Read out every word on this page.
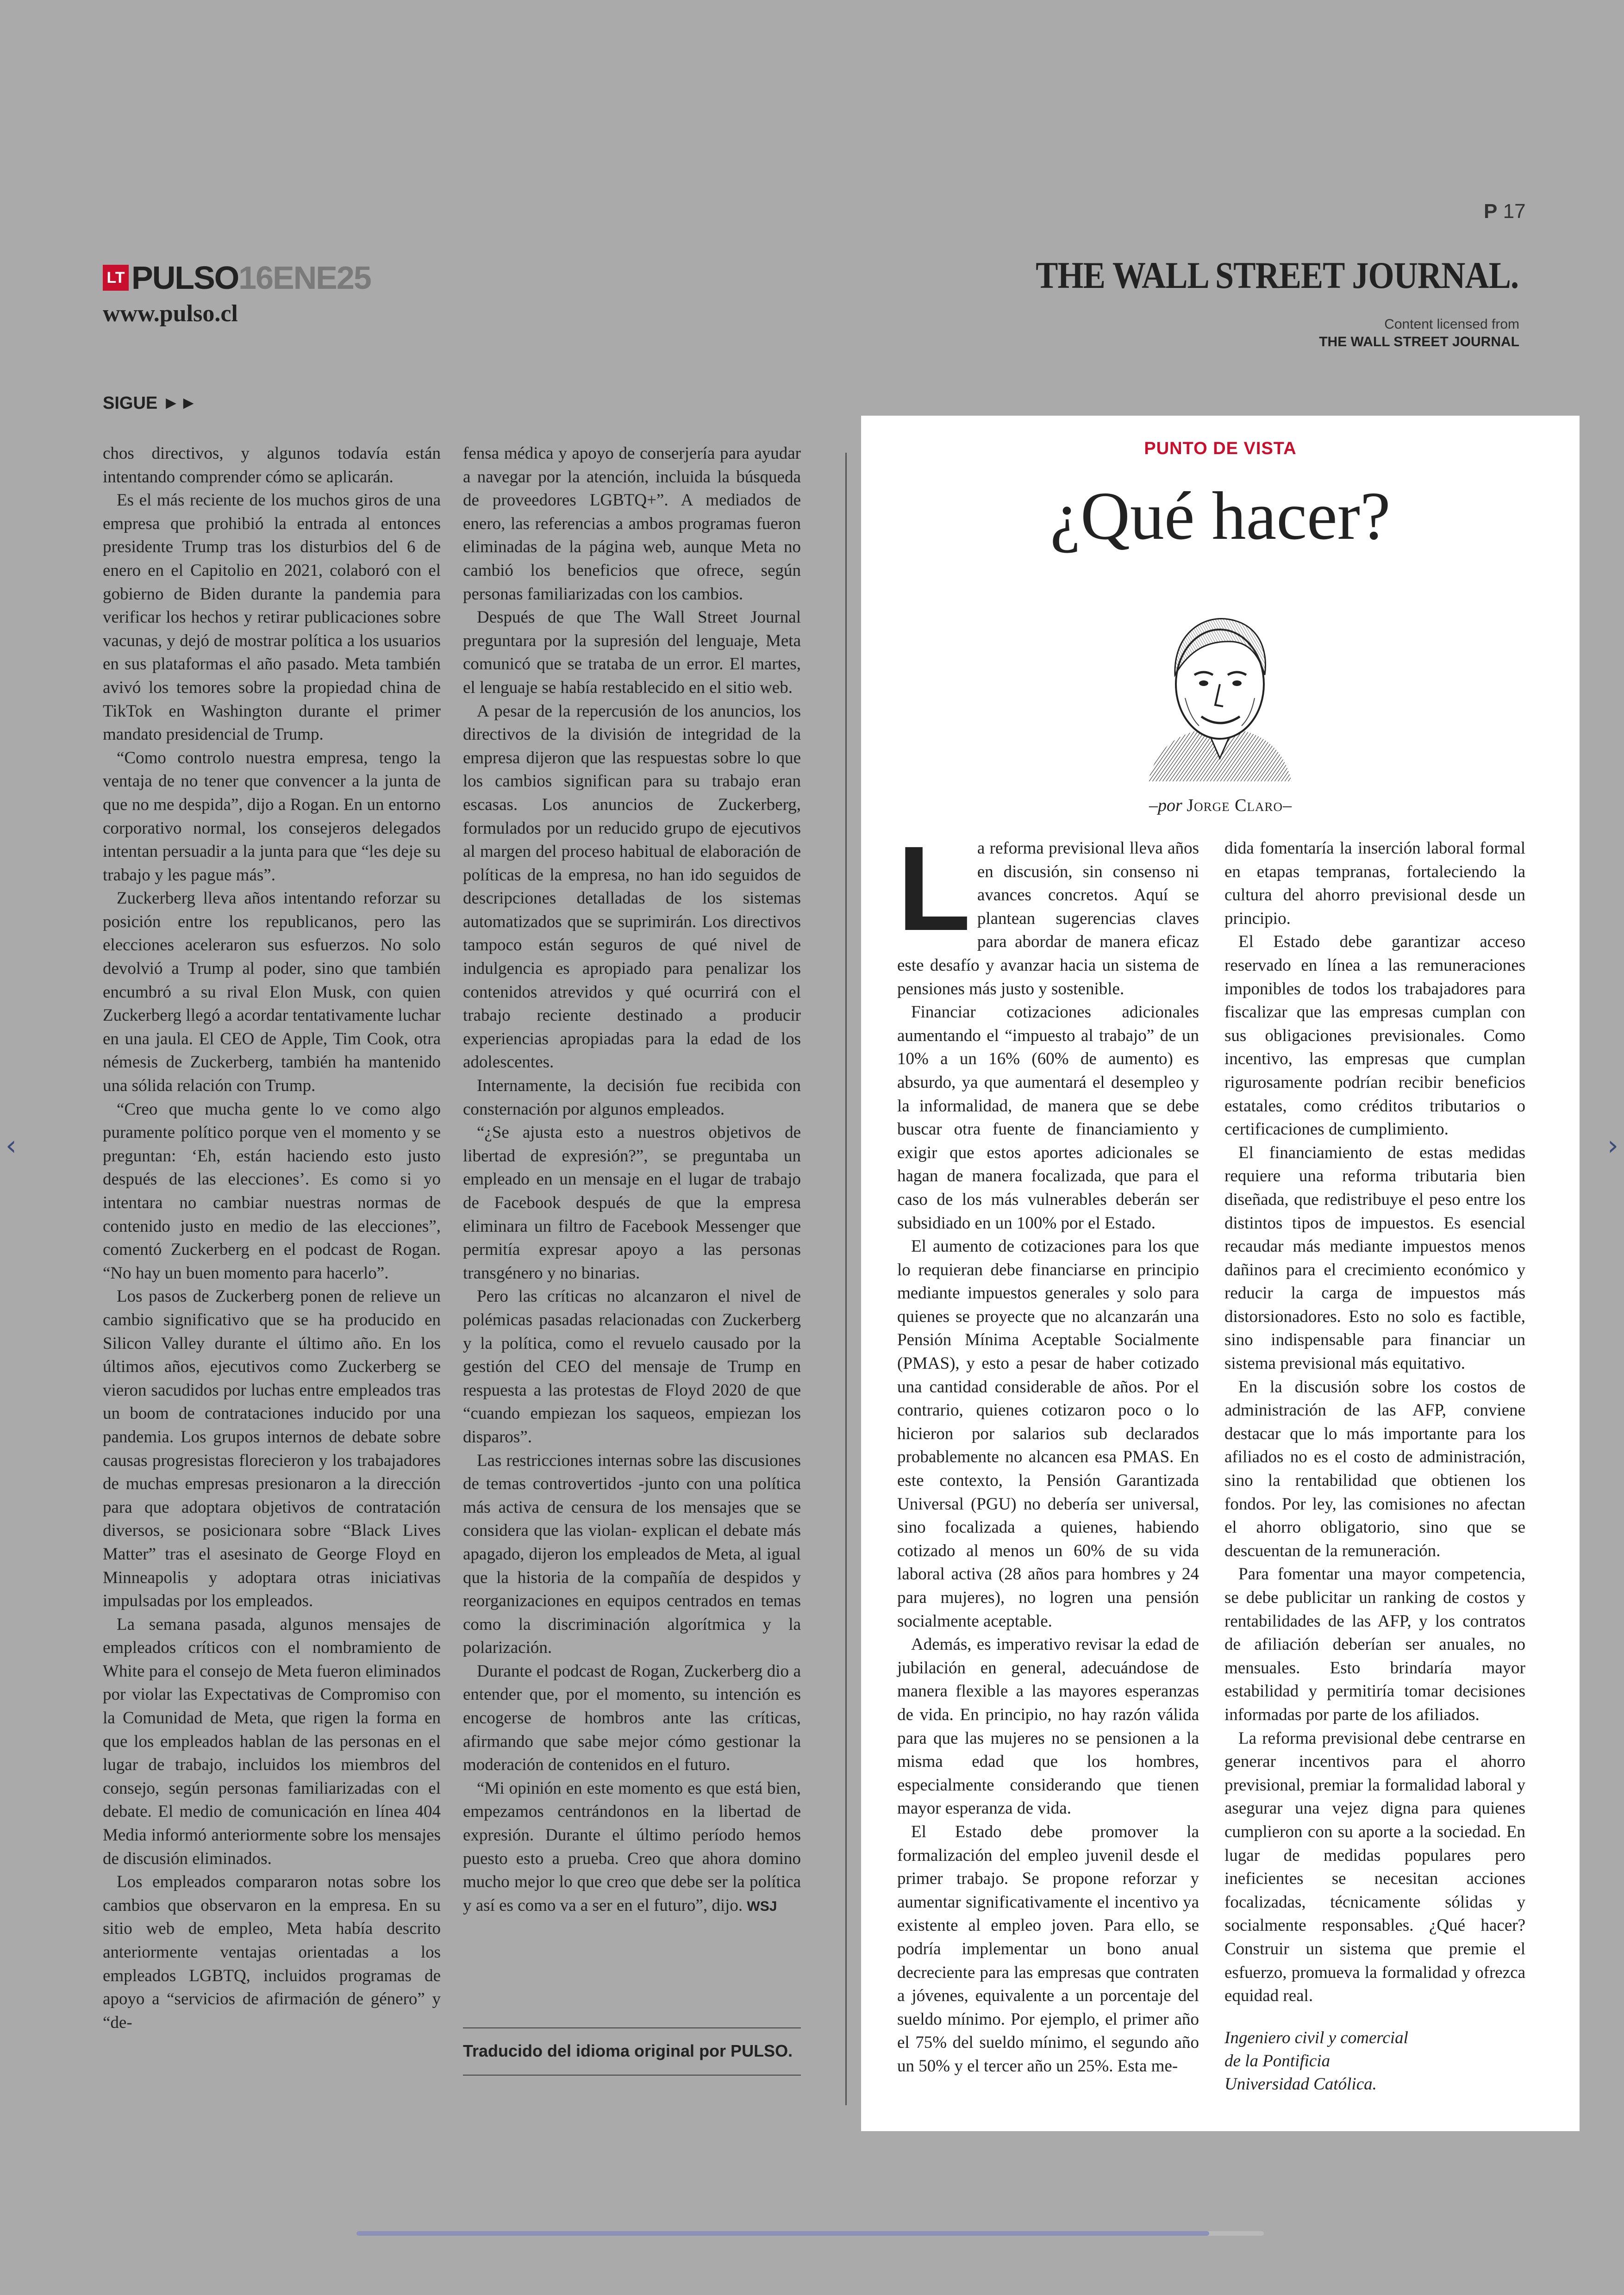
P 17
LT PULSO 16ENE25
www.pulso.cl
THE WALL STREET JOURNAL.
Content licensed from
THE WALL STREET JOURNAL
SIGUE ►►

chos directivos, y algunos todavía están intentando comprender cómo se aplicarán.

Es el más reciente de los muchos giros de una empresa que prohibió la entrada al entonces presidente Trump tras los disturbios del 6 de enero en el Capitolio en 2021, colaboró con el gobierno de Biden durante la pandemia para verificar los hechos y retirar publicaciones sobre vacunas, y dejó de mostrar política a los usuarios en sus plataformas el año pasado. Meta también avivó los temores sobre la propiedad china de TikTok en Washington durante el primer mandato presidencial de Trump.

“Como controlo nuestra empresa, tengo la ventaja de no tener que convencer a la junta de que no me despida”, dijo a Rogan. En un entorno corporativo normal, los consejeros delegados intentan persuadir a la junta para que “les deje su trabajo y les pague más”.

Zuckerberg lleva años intentando reforzar su posición entre los republicanos, pero las elecciones aceleraron sus esfuerzos. No solo devolvió a Trump al poder, sino que también encumbró a su rival Elon Musk, con quien Zuckerberg llegó a acordar tentativamente luchar en una jaula. El CEO de Apple, Tim Cook, otra némesis de Zuckerberg, también ha mantenido una sólida relación con Trump.

“Creo que mucha gente lo ve como algo puramente político porque ven el momento y se preguntan: ‘Eh, están haciendo esto justo después de las elecciones’. Es como si yo intentara no cambiar nuestras normas de contenido justo en medio de las elecciones”, comentó Zuckerberg en el podcast de Rogan. “No hay un buen momento para hacerlo”.

Los pasos de Zuckerberg ponen de relieve un cambio significativo que se ha producido en Silicon Valley durante el último año. En los últimos años, ejecutivos como Zuckerberg se vieron sacudidos por luchas entre empleados tras un boom de contrataciones inducido por una pandemia. Los grupos internos de debate sobre causas progresistas florecieron y los trabajadores de muchas empresas presionaron a la dirección para que adoptara objetivos de contratación diversos, se posicionara sobre “Black Lives Matter” tras el asesinato de George Floyd en Minneapolis y adoptara otras iniciativas impulsadas por los empleados.

La semana pasada, algunos mensajes de empleados críticos con el nombramiento de White para el consejo de Meta fueron eliminados por violar las Expectativas de Compromiso con la Comunidad de Meta, que rigen la forma en que los empleados hablan de las personas en el lugar de trabajo, incluidos los miembros del consejo, según personas familiarizadas con el debate. El medio de comunicación en línea 404 Media informó anteriormente sobre los mensajes de discusión eliminados.

Los empleados compararon notas sobre los cambios que observaron en la empresa. En su sitio web de empleo, Meta había descrito anteriormente ventajas orientadas a los empleados LGBTQ, incluidos programas de apoyo a “servicios de afirmación de género” y “de-

fensa médica y apoyo de conserjería para ayudar a navegar por la atención, incluida la búsqueda de proveedores LGBTQ+”. A mediados de enero, las referencias a ambos programas fueron eliminadas de la página web, aunque Meta no cambió los beneficios que ofrece, según personas familiarizadas con los cambios.

Después de que The Wall Street Journal preguntara por la supresión del lenguaje, Meta comunicó que se trataba de un error. El martes, el lenguaje se había restablecido en el sitio web.

A pesar de la repercusión de los anuncios, los directivos de la división de integridad de la empresa dijeron que las respuestas sobre lo que los cambios significan para su trabajo eran escasas. Los anuncios de Zuckerberg, formulados por un reducido grupo de ejecutivos al margen del proceso habitual de elaboración de políticas de la empresa, no han ido seguidos de descripciones detalladas de los sistemas automatizados que se suprimirán. Los directivos tampoco están seguros de qué nivel de indulgencia es apropiado para penalizar los contenidos atrevidos y qué ocurrirá con el trabajo reciente destinado a producir experiencias apropiadas para la edad de los adolescentes.

Internamente, la decisión fue recibida con consternación por algunos empleados.

“¿Se ajusta esto a nuestros objetivos de libertad de expresión?”, se preguntaba un empleado en un mensaje en el lugar de trabajo de Facebook después de que la empresa eliminara un filtro de Facebook Messenger que permitía expresar apoyo a las personas transgénero y no binarias.

Pero las críticas no alcanzaron el nivel de polémicas pasadas relacionadas con Zuckerberg y la política, como el revuelo causado por la gestión del CEO del mensaje de Trump en respuesta a las protestas de Floyd 2020 de que “cuando empiezan los saqueos, empiezan los disparos”.

Las restricciones internas sobre las discusiones de temas controvertidos -junto con una política más activa de censura de los mensajes que se considera que las violan- explican el debate más apagado, dijeron los empleados de Meta, al igual que la historia de la compañía de despidos y reorganizaciones en equipos centrados en temas como la discriminación algorítmica y la polarización.

Durante el podcast de Rogan, Zuckerberg dio a entender que, por el momento, su intención es encogerse de hombros ante las críticas, afirmando que sabe mejor cómo gestionar la moderación de contenidos en el futuro.

“Mi opinión en este momento es que está bien, empezamos centrándonos en la libertad de expresión. Durante el último período hemos puesto esto a prueba. Creo que ahora domino mucho mejor lo que creo que debe ser la política y así es como va a ser en el futuro”, dijo. WSJ

Traducido del idioma original por PULSO.
PUNTO DE VISTA
¿Qué hacer?
–por Jorge Claro–

La reforma previsional lleva años en discusión, sin consenso ni avances concretos. Aquí se plantean sugerencias claves para abordar de manera eficaz este desafío y avanzar hacia un sistema de pensiones más justo y sostenible.

Financiar cotizaciones adicionales aumentando el “impuesto al trabajo” de un 10% a un 16% (60% de aumento) es absurdo, ya que aumentará el desempleo y la informalidad, de manera que se debe buscar otra fuente de financiamiento y exigir que estos aportes adicionales se hagan de manera focalizada, que para el caso de los más vulnerables deberán ser subsidiado en un 100% por el Estado.

El aumento de cotizaciones para los que lo requieran debe financiarse en principio mediante impuestos generales y solo para quienes se proyecte que no alcanzarán una Pensión Mínima Aceptable Socialmente (PMAS), y esto a pesar de haber cotizado una cantidad considerable de años. Por el contrario, quienes cotizaron poco o lo hicieron por salarios sub declarados probablemente no alcancen esa PMAS. En este contexto, la Pensión Garantizada Universal (PGU) no debería ser universal, sino focalizada a quienes, habiendo cotizado al menos un 60% de su vida laboral activa (28 años para hombres y 24 para mujeres), no logren una pensión socialmente aceptable.

Además, es imperativo revisar la edad de jubilación en general, adecuándose de manera flexible a las mayores esperanzas de vida. En principio, no hay razón válida para que las mujeres no se pensionen a la misma edad que los hombres, especialmente considerando que tienen mayor esperanza de vida.

El Estado debe promover la formalización del empleo juvenil desde el primer trabajo. Se propone reforzar y aumentar significativamente el incentivo ya existente al empleo joven. Para ello, se podría implementar un bono anual decreciente para las empresas que contraten a jóvenes, equivalente a un porcentaje del sueldo mínimo. Por ejemplo, el primer año el 75% del sueldo mínimo, el segundo año un 50% y el tercer año un 25%. Esta me-

dida fomentaría la inserción laboral formal en etapas tempranas, fortaleciendo la cultura del ahorro previsional desde un principio.

El Estado debe garantizar acceso reservado en línea a las remuneraciones imponibles de todos los trabajadores para fiscalizar que las empresas cumplan con sus obligaciones previsionales. Como incentivo, las empresas que cumplan rigurosamente podrían recibir beneficios estatales, como créditos tributarios o certificaciones de cumplimiento.

El financiamiento de estas medidas requiere una reforma tributaria bien diseñada, que redistribuye el peso entre los distintos tipos de impuestos. Es esencial recaudar más mediante impuestos menos dañinos para el crecimiento económico y reducir la carga de impuestos más distorsionadores. Esto no solo es factible, sino indispensable para financiar un sistema previsional más equitativo.

En la discusión sobre los costos de administración de las AFP, conviene destacar que lo más importante para los afiliados no es el costo de administración, sino la rentabilidad que obtienen los fondos. Por ley, las comisiones no afectan el ahorro obligatorio, sino que se descuentan de la remuneración.

Para fomentar una mayor competencia, se debe publicitar un ranking de costos y rentabilidades de las AFP, y los contratos de afiliación deberían ser anuales, no mensuales. Esto brindaría mayor estabilidad y permitiría tomar decisiones informadas por parte de los afiliados.

La reforma previsional debe centrarse en generar incentivos para el ahorro previsional, premiar la formalidad laboral y asegurar una vejez digna para quienes cumplieron con su aporte a la sociedad. En lugar de medidas populares pero ineficientes se necesitan acciones focalizadas, técnicamente sólidas y socialmente responsables. ¿Qué hacer? Construir un sistema que premie el esfuerzo, promueva la formalidad y ofrezca equidad real.

Ingeniero civil y comercial
de la Pontificia
Universidad Católica.
‹	›
